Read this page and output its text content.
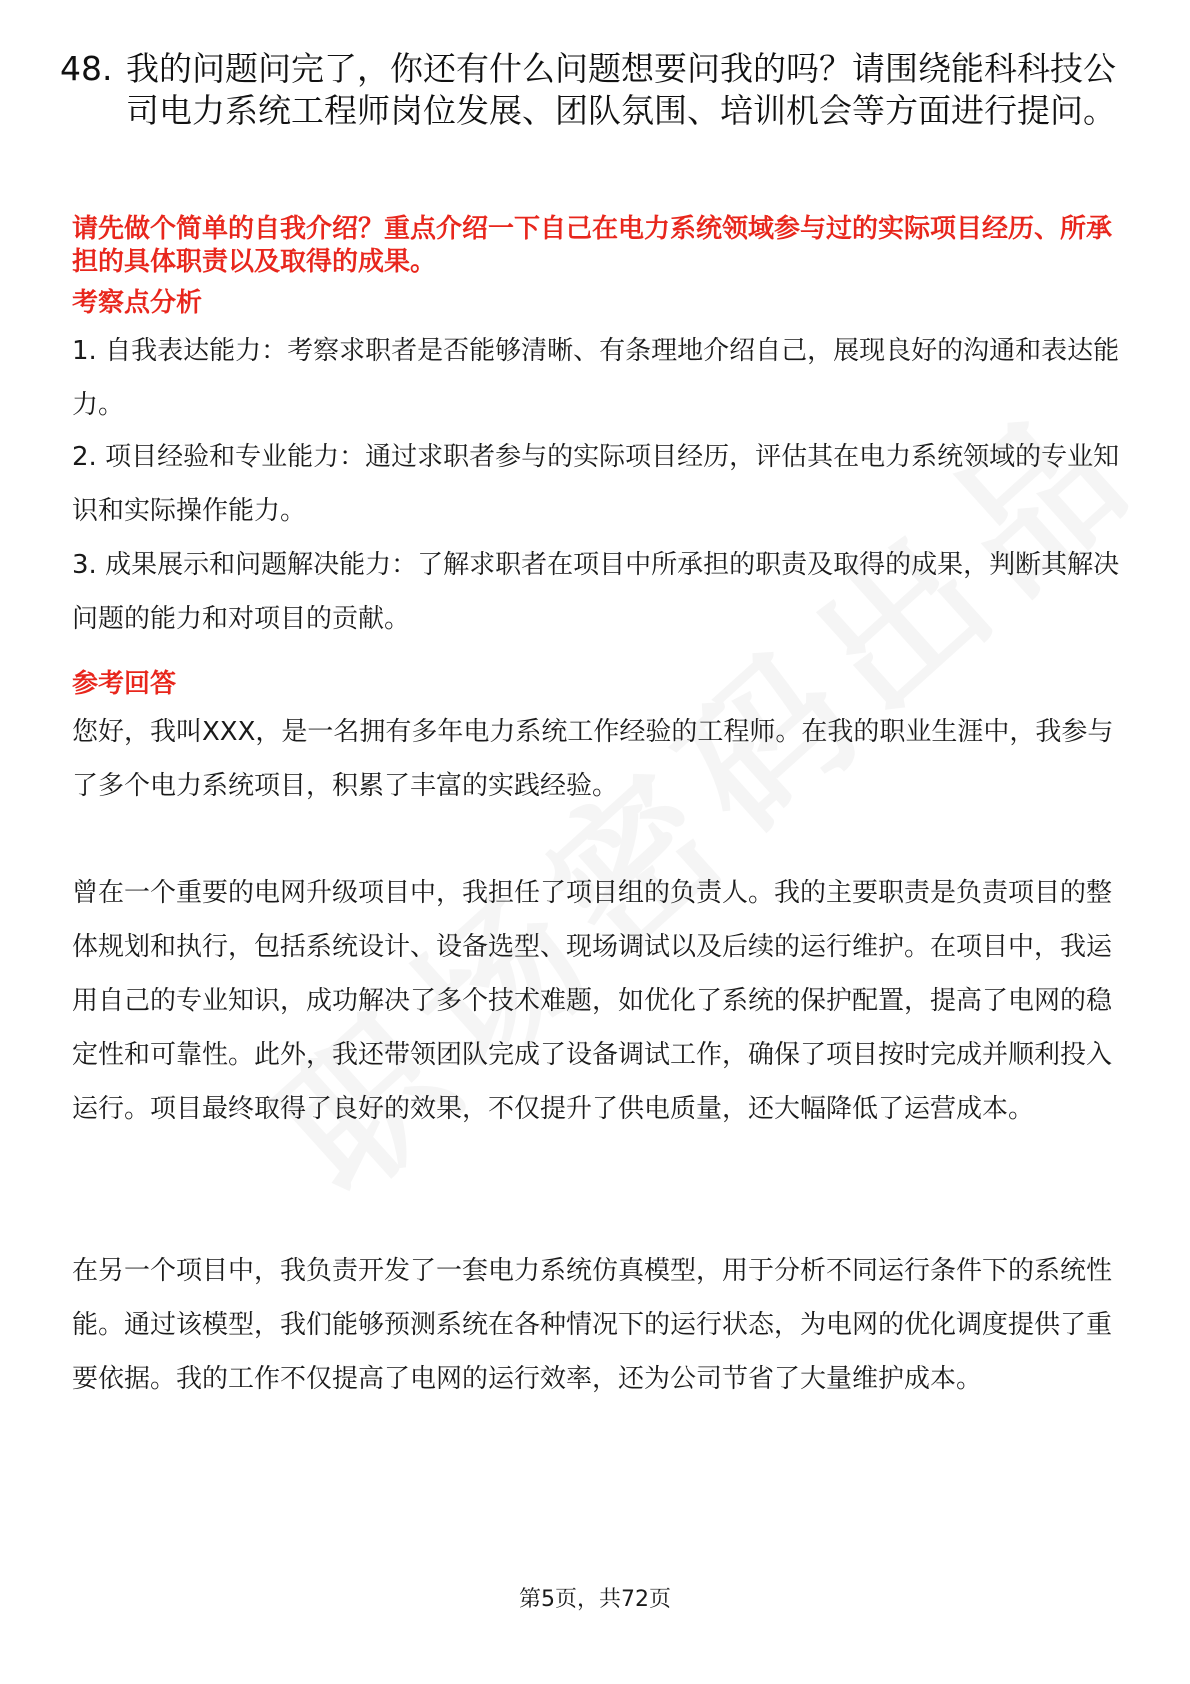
48. 我的问题问完了，你还有什么问题想要问我的吗？请围绕能科科技公司电力系统工程师岗位发展、团队氛围、培训机会等方面进行提问。
请先做个简单的自我介绍？重点介绍一下自己在电力系统领域参与过的实际项目经历、所承担的具体职责以及取得的成果。
考察点分析
1. 自我表达能力：考察求职者是否能够清晰、有条理地介绍自己，展现良好的沟通和表达能力。
2. 项目经验和专业能力：通过求职者参与的实际项目经历，评估其在电力系统领域的专业知识和实际操作能力。
3. 成果展示和问题解决能力：了解求职者在项目中所承担的职责及取得的成果，判断其解决问题的能力和对项目的贡献。
参考回答
您好，我叫XXX，是一名拥有多年电力系统工作经验的工程师。在我的职业生涯中，我参与了多个电力系统项目，积累了丰富的实践经验。
曾在一个重要的电网升级项目中，我担任了项目组的负责人。我的主要职责是负责项目的整体规划和执行，包括系统设计、设备选型、现场调试以及后续的运行维护。在项目中，我运用自己的专业知识，成功解决了多个技术难题，如优化了系统的保护配置，提高了电网的稳定性和可靠性。此外，我还带领团队完成了设备调试工作，确保了项目按时完成并顺利投入运行。项目最终取得了良好的效果，不仅提升了供电质量，还大幅降低了运营成本。
在另一个项目中，我负责开发了一套电力系统仿真模型，用于分析不同运行条件下的系统性能。通过该模型，我们能够预测系统在各种情况下的运行状态，为电网的优化调度提供了重要依据。我的工作不仅提高了电网的运行效率，还为公司节省了大量维护成本。
第5页，共72页
